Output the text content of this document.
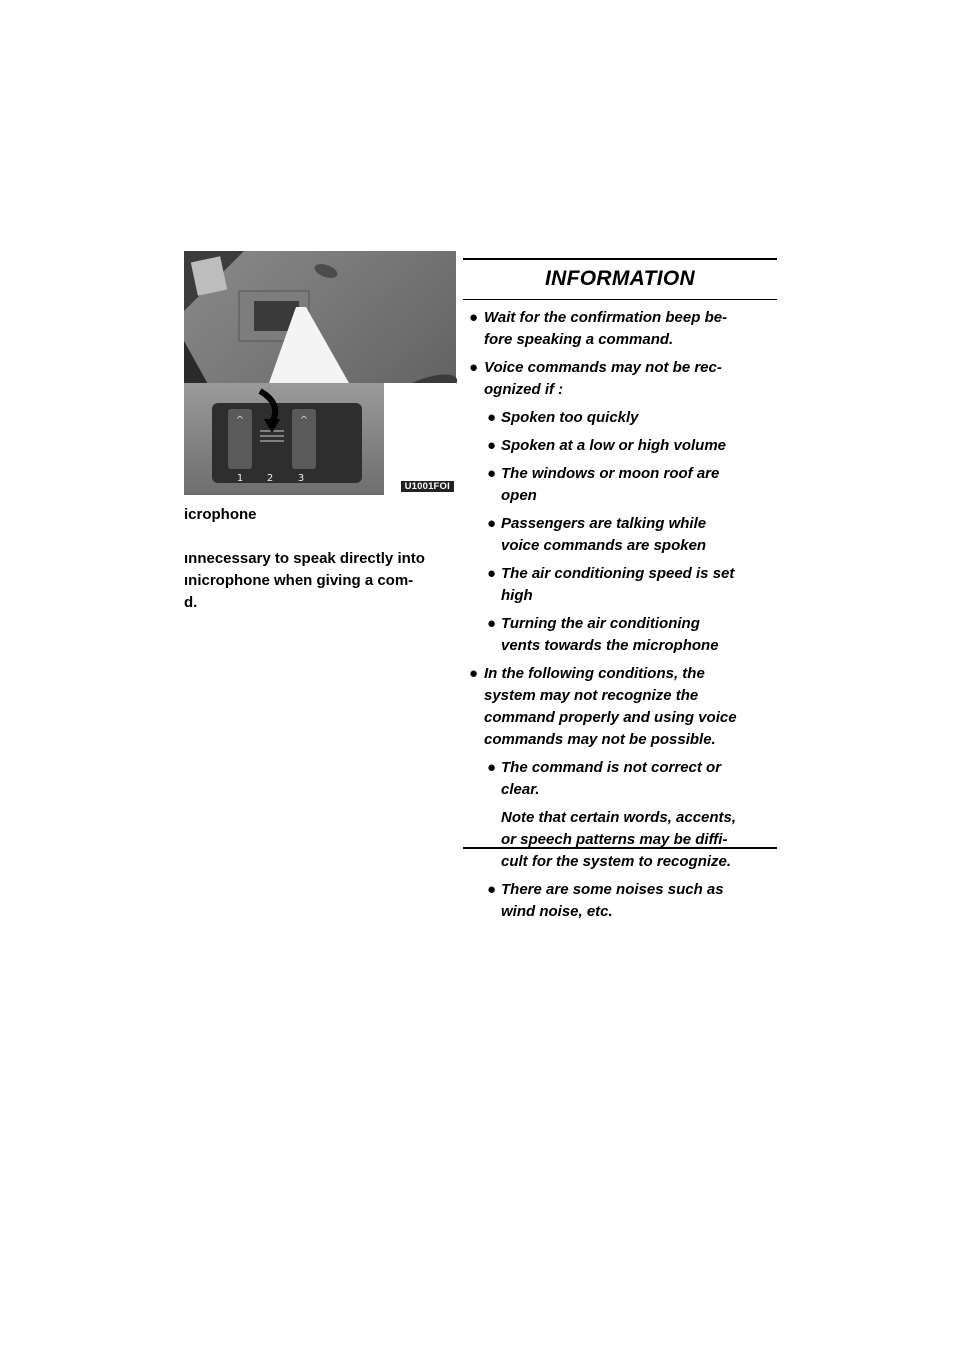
^	^
1 2 3
U1001FOI
icrophone
ınnecessary to speak directly into
ınicrophone when giving a com-
d.
INFORMATION
● Wait for the confirmation beep be-
fore speaking a command.
● Voice commands may not be rec-
ognized if :
● Spoken too quickly
● Spoken at a low or high volume
● The windows or moon roof are
open
● Passengers are talking while
voice commands are spoken
● The air conditioning speed is set
high
● Turning the air conditioning
vents towards the microphone
● In the following conditions, the
system may not recognize the
command properly and using voice
commands may not be possible.
● The command is not correct or
clear.
Note that certain words, accents,
or speech patterns may be diffi-
cult for the system to recognize.
● There are some noises such as
wind noise, etc.
